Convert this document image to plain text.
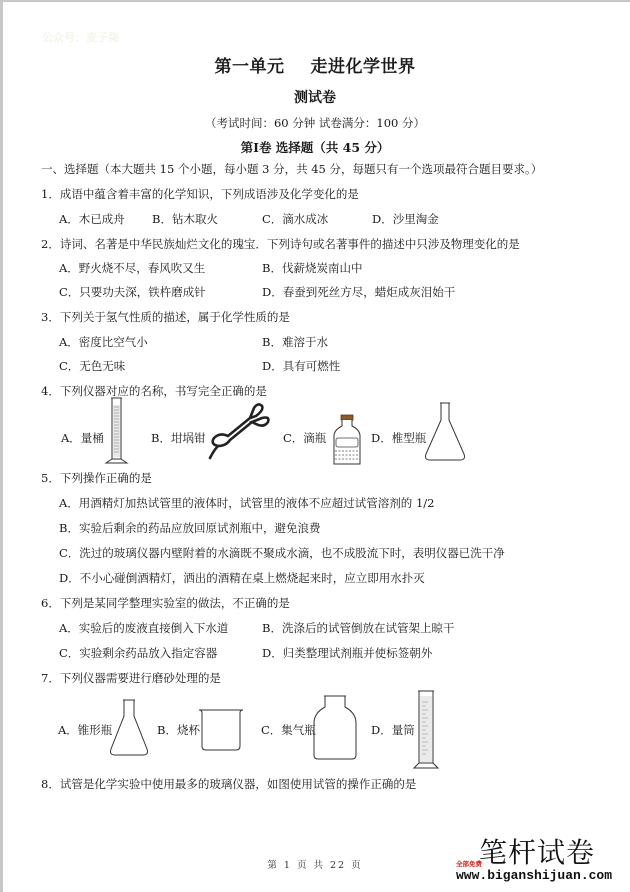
公众号：麦子柒
第一单元 走进化学世界
测试卷
（考试时间：60 分钟 试卷满分：100 分）
第Ⅰ卷 选择题（共 45 分）
一、选择题（本大题共 15 个小题，每小题 3 分，共 45 分，每题只有一个选项最符合题目要求。）
1．成语中蕴含着丰富的化学知识，下列成语涉及化学变化的是
A．木已成舟 B．钻木取火	C．滴水成冰	D．沙里淘金
2．诗词、名著是中华民族灿烂文化的瑰宝．下列诗句或名著事件的描述中只涉及物理变化的是
A．野火烧不尽，春风吹又生	B．伐薪烧炭南山中
C．只要功夫深，铁杵磨成针	D．春蚕到死丝方尽，蜡炬成灰泪始干
3．下列关于氢气性质的描述，属于化学性质的是
A．密度比空气小	B．难溶于水
C．无色无味	D．具有可燃性
4．下列仪器对应的名称，书写完全正确的是
A．量桶	B．坩埚钳	C．滴瓶	D．椎型瓶
5．下列操作正确的是
A．用酒精灯加热试管里的液体时，试管里的液体不应超过试管溶剂的 1/2
B．实验后剩余的药品应放回原试剂瓶中，避免浪费
C．洗过的玻璃仪器内壁附着的水滴既不聚成水滴，也不成股流下时，表明仪器已洗干净
D．不小心碰倒酒精灯，洒出的酒精在桌上燃烧起来时，应立即用水扑灭
6．下列是某同学整理实验室的做法，不正确的是
A．实验后的废液直接倒入下水道	B．洗涤后的试管倒放在试管架上晾干
C．实验剩余药品放入指定容器	D．归类整理试剂瓶并使标签朝外
7．下列仪器需要进行磨砂处理的是
A．锥形瓶	B．烧杯	C．集气瓶	D．量筒
8．试管是化学实验中使用最多的玻璃仪器，如图使用试管的操作正确的是
第 1 页 共 22 页	全部免费
笔杆试卷
www.biganshijuan.com
